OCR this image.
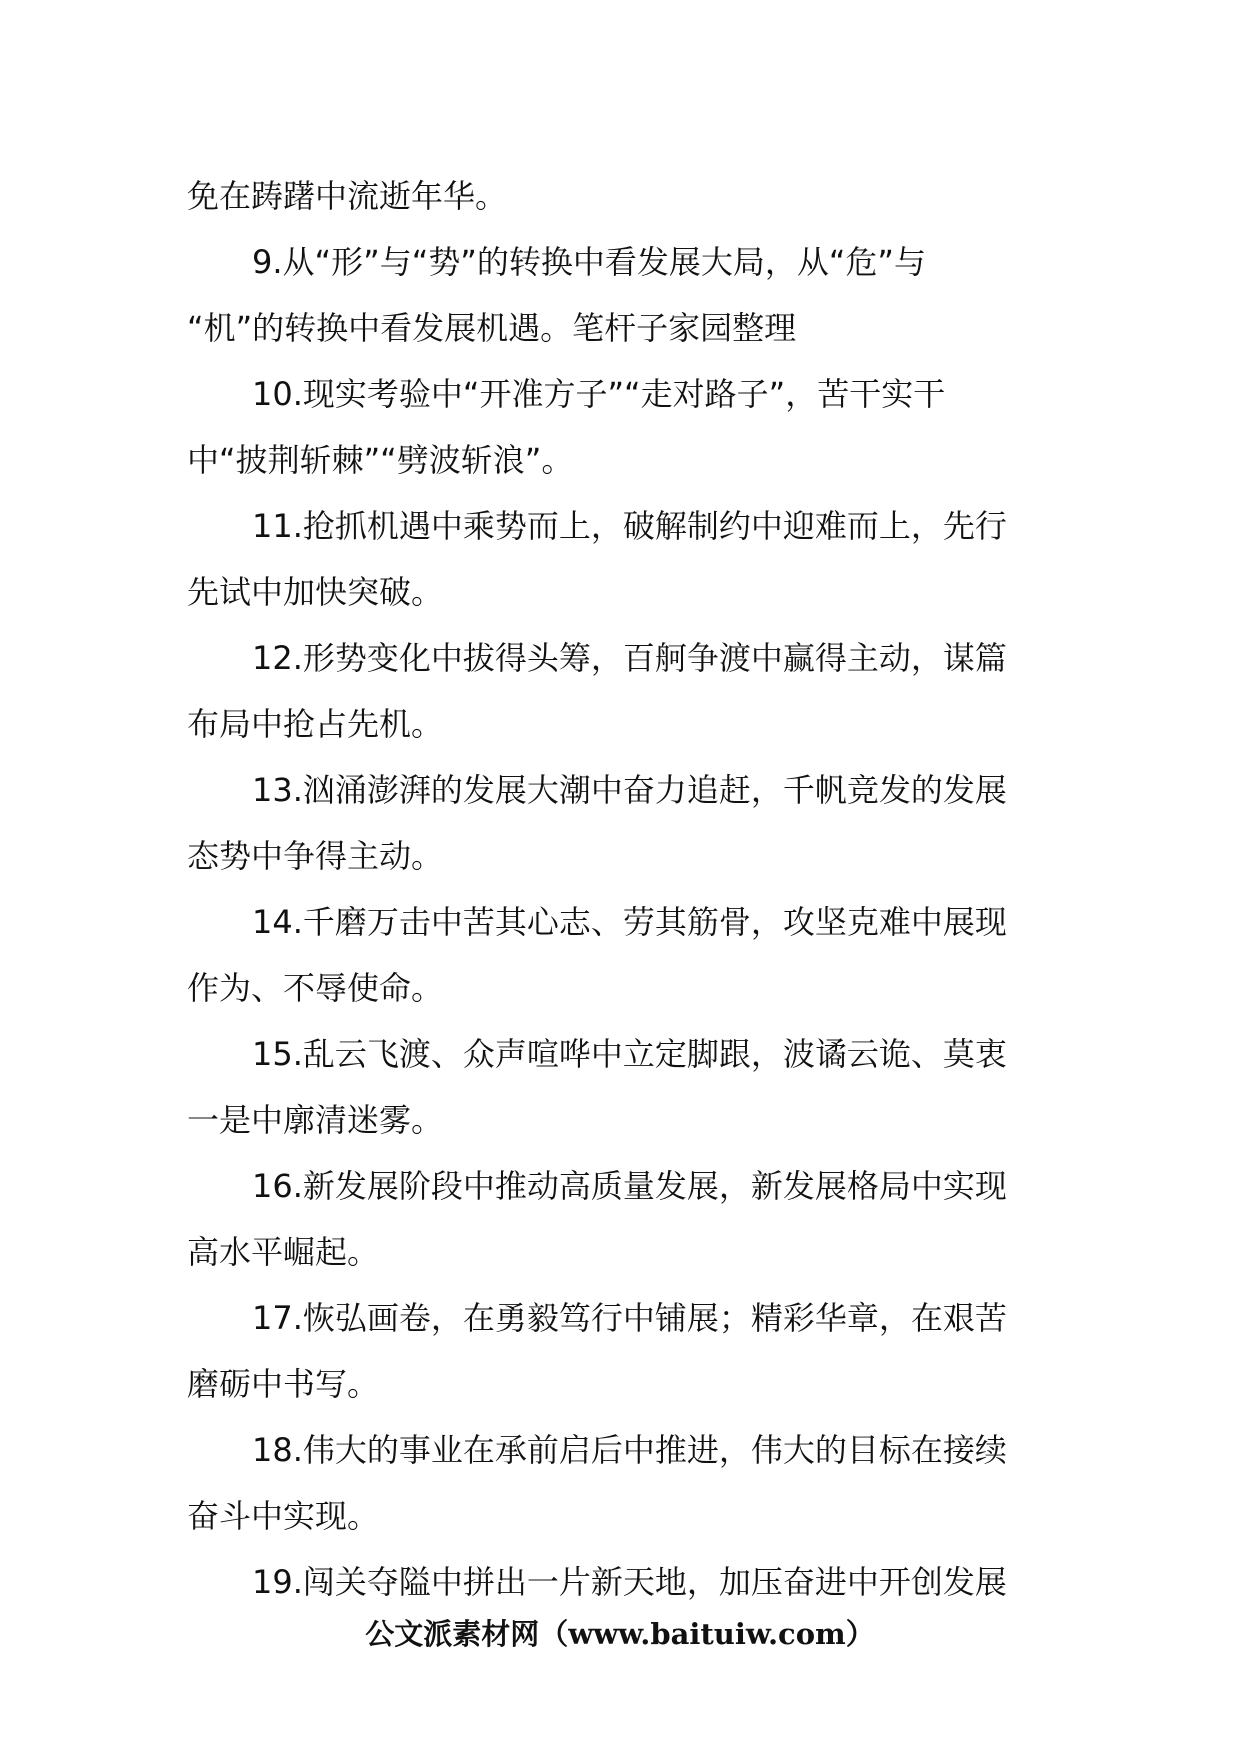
免在踌躇中流逝年华。
9.从“形”与“势”的转换中看发展大局，从“危”与
“机”的转换中看发展机遇。笔杆子家园整理
10.现实考验中“开准方子”“走对路子”，苦干实干
中“披荆斩棘”“劈波斩浪”。
11.抢抓机遇中乘势而上，破解制约中迎难而上，先行
先试中加快突破。
12.形势变化中拔得头筹，百舸争渡中赢得主动，谋篇
布局中抢占先机。
13.汹涌澎湃的发展大潮中奋力追赶，千帆竞发的发展
态势中争得主动。
14.千磨万击中苦其心志、劳其筋骨，攻坚克难中展现
作为、不辱使命。
15.乱云飞渡、众声喧哗中立定脚跟，波谲云诡、莫衷
一是中廓清迷雾。
16.新发展阶段中推动高质量发展，新发展格局中实现
高水平崛起。
17.恢弘画卷，在勇毅笃行中铺展；精彩华章，在艰苦
磨砺中书写。
18.伟大的事业在承前启后中推进，伟大的目标在接续
奋斗中实现。
19.闯关夺隘中拼出一片新天地，加压奋进中开创发展
公文派素材网（www.baituiw.com）
